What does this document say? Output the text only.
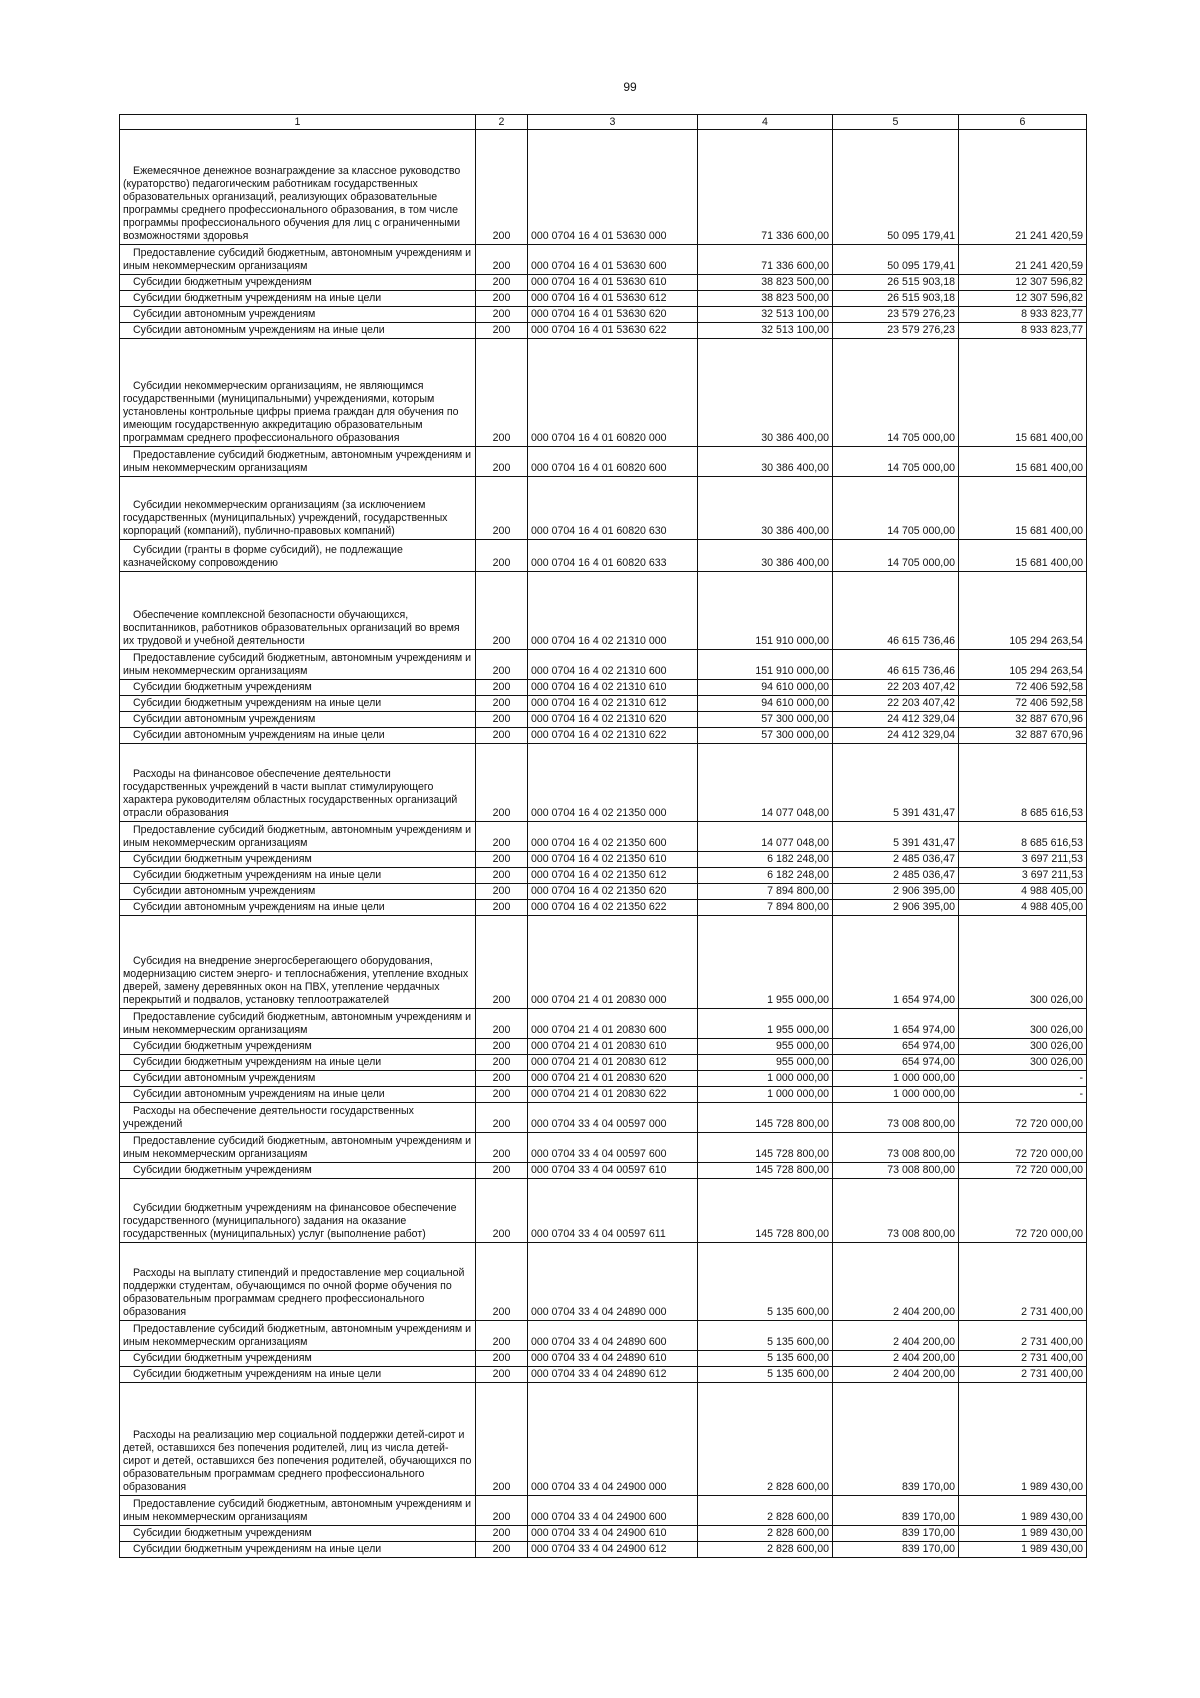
99
1	2	3	4	5	6

Ежемесячное денежное вознаграждение за классное руководство (кураторство) педагогическим работникам государственных образовательных организаций, реализующих образовательные программы среднего профессионального образования, в том числе программы профессионального обучения для лиц с ограниченными возможностями здоровья	200	000 0704 16 4 01 53630 000	71 336 600,00	50 095 179,41	21 241 420,59

Предоставление субсидий бюджетным, автономным учреждениям и иным некоммерческим организациям	200	000 0704 16 4 01 53630 600	71 336 600,00	50 095 179,41	21 241 420,59

Субсидии бюджетным учреждениям	200	000 0704 16 4 01 53630 610	38 823 500,00	26 515 903,18	12 307 596,82

Субсидии бюджетным учреждениям на иные цели	200	000 0704 16 4 01 53630 612	38 823 500,00	26 515 903,18	12 307 596,82

Субсидии автономным учреждениям	200	000 0704 16 4 01 53630 620	32 513 100,00	23 579 276,23	8 933 823,77

Субсидии автономным учреждениям на иные цели	200	000 0704 16 4 01 53630 622	32 513 100,00	23 579 276,23	8 933 823,77

Субсидии некоммерческим организациям, не являющимся государственными (муниципальными) учреждениями, которым установлены контрольные цифры приема граждан для обучения по имеющим государственную аккредитацию образовательным программам среднего профессионального образования	200	000 0704 16 4 01 60820 000	30 386 400,00	14 705 000,00	15 681 400,00

Предоставление субсидий бюджетным, автономным учреждениям и иным некоммерческим организациям	200	000 0704 16 4 01 60820 600	30 386 400,00	14 705 000,00	15 681 400,00

Субсидии некоммерческим организациям (за исключением государственных (муниципальных) учреждений, государственных корпораций (компаний), публично-правовых компаний)	200	000 0704 16 4 01 60820 630	30 386 400,00	14 705 000,00	15 681 400,00

Субсидии (гранты в форме субсидий), не подлежащие казначейскому сопровождению	200	000 0704 16 4 01 60820 633	30 386 400,00	14 705 000,00	15 681 400,00

Обеспечение комплексной безопасности обучающихся, воспитанников, работников образовательных организаций во время их трудовой и учебной деятельности	200	000 0704 16 4 02 21310 000	151 910 000,00	46 615 736,46	105 294 263,54

Предоставление субсидий бюджетным, автономным учреждениям и иным некоммерческим организациям	200	000 0704 16 4 02 21310 600	151 910 000,00	46 615 736,46	105 294 263,54

Субсидии бюджетным учреждениям	200	000 0704 16 4 02 21310 610	94 610 000,00	22 203 407,42	72 406 592,58

Субсидии бюджетным учреждениям на иные цели	200	000 0704 16 4 02 21310 612	94 610 000,00	22 203 407,42	72 406 592,58

Субсидии автономным учреждениям	200	000 0704 16 4 02 21310 620	57 300 000,00	24 412 329,04	32 887 670,96

Субсидии автономным учреждениям на иные цели	200	000 0704 16 4 02 21310 622	57 300 000,00	24 412 329,04	32 887 670,96

Расходы на финансовое обеспечение деятельности государственных учреждений в части выплат стимулирующего характера руководителям областных государственных организаций отрасли образования	200	000 0704 16 4 02 21350 000	14 077 048,00	5 391 431,47	8 685 616,53

Предоставление субсидий бюджетным, автономным учреждениям и иным некоммерческим организациям	200	000 0704 16 4 02 21350 600	14 077 048,00	5 391 431,47	8 685 616,53

Субсидии бюджетным учреждениям	200	000 0704 16 4 02 21350 610	6 182 248,00	2 485 036,47	3 697 211,53

Субсидии бюджетным учреждениям на иные цели	200	000 0704 16 4 02 21350 612	6 182 248,00	2 485 036,47	3 697 211,53

Субсидии автономным учреждениям	200	000 0704 16 4 02 21350 620	7 894 800,00	2 906 395,00	4 988 405,00

Субсидии автономным учреждениям на иные цели	200	000 0704 16 4 02 21350 622	7 894 800,00	2 906 395,00	4 988 405,00

Субсидия на внедрение энергосберегающего оборудования, модернизацию систем энерго- и теплоснабжения, утепление входных дверей, замену деревянных окон на ПВХ, утепление чердачных перекрытий и подвалов, установку теплоотражателей	200	000 0704 21 4 01 20830 000	1 955 000,00	1 654 974,00	300 026,00

Предоставление субсидий бюджетным, автономным учреждениям и иным некоммерческим организациям	200	000 0704 21 4 01 20830 600	1 955 000,00	1 654 974,00	300 026,00

Субсидии бюджетным учреждениям	200	000 0704 21 4 01 20830 610	955 000,00	654 974,00	300 026,00

Субсидии бюджетным учреждениям на иные цели	200	000 0704 21 4 01 20830 612	955 000,00	654 974,00	300 026,00

Субсидии автономным учреждениям	200	000 0704 21 4 01 20830 620	1 000 000,00	1 000 000,00	-

Субсидии автономным учреждениям на иные цели	200	000 0704 21 4 01 20830 622	1 000 000,00	1 000 000,00	-

Расходы на обеспечение деятельности государственных учреждений	200	000 0704 33 4 04 00597 000	145 728 800,00	73 008 800,00	72 720 000,00

Предоставление субсидий бюджетным, автономным учреждениям и иным некоммерческим организациям	200	000 0704 33 4 04 00597 600	145 728 800,00	73 008 800,00	72 720 000,00

Субсидии бюджетным учреждениям	200	000 0704 33 4 04 00597 610	145 728 800,00	73 008 800,00	72 720 000,00

Субсидии бюджетным учреждениям на финансовое обеспечение государственного (муниципального) задания на оказание государственных (муниципальных) услуг (выполнение работ)	200	000 0704 33 4 04 00597 611	145 728 800,00	73 008 800,00	72 720 000,00

Расходы на выплату стипендий и предоставление мер социальной поддержки студентам, обучающимся по очной форме обучения по образовательным программам среднего профессионального образования	200	000 0704 33 4 04 24890 000	5 135 600,00	2 404 200,00	2 731 400,00

Предоставление субсидий бюджетным, автономным учреждениям и иным некоммерческим организациям	200	000 0704 33 4 04 24890 600	5 135 600,00	2 404 200,00	2 731 400,00

Субсидии бюджетным учреждениям	200	000 0704 33 4 04 24890 610	5 135 600,00	2 404 200,00	2 731 400,00

Субсидии бюджетным учреждениям на иные цели	200	000 0704 33 4 04 24890 612	5 135 600,00	2 404 200,00	2 731 400,00

Расходы на реализацию мер социальной поддержки детей-сирот и детей, оставшихся без попечения родителей, лиц из числа детей-сирот и детей, оставшихся без попечения родителей, обучающихся по образовательным программам среднего профессионального образования	200	000 0704 33 4 04 24900 000	2 828 600,00	839 170,00	1 989 430,00

Предоставление субсидий бюджетным, автономным учреждениям и иным некоммерческим организациям	200	000 0704 33 4 04 24900 600	2 828 600,00	839 170,00	1 989 430,00

Субсидии бюджетным учреждениям	200	000 0704 33 4 04 24900 610	2 828 600,00	839 170,00	1 989 430,00

Субсидии бюджетным учреждениям на иные цели	200	000 0704 33 4 04 24900 612	2 828 600,00	839 170,00	1 989 430,00
